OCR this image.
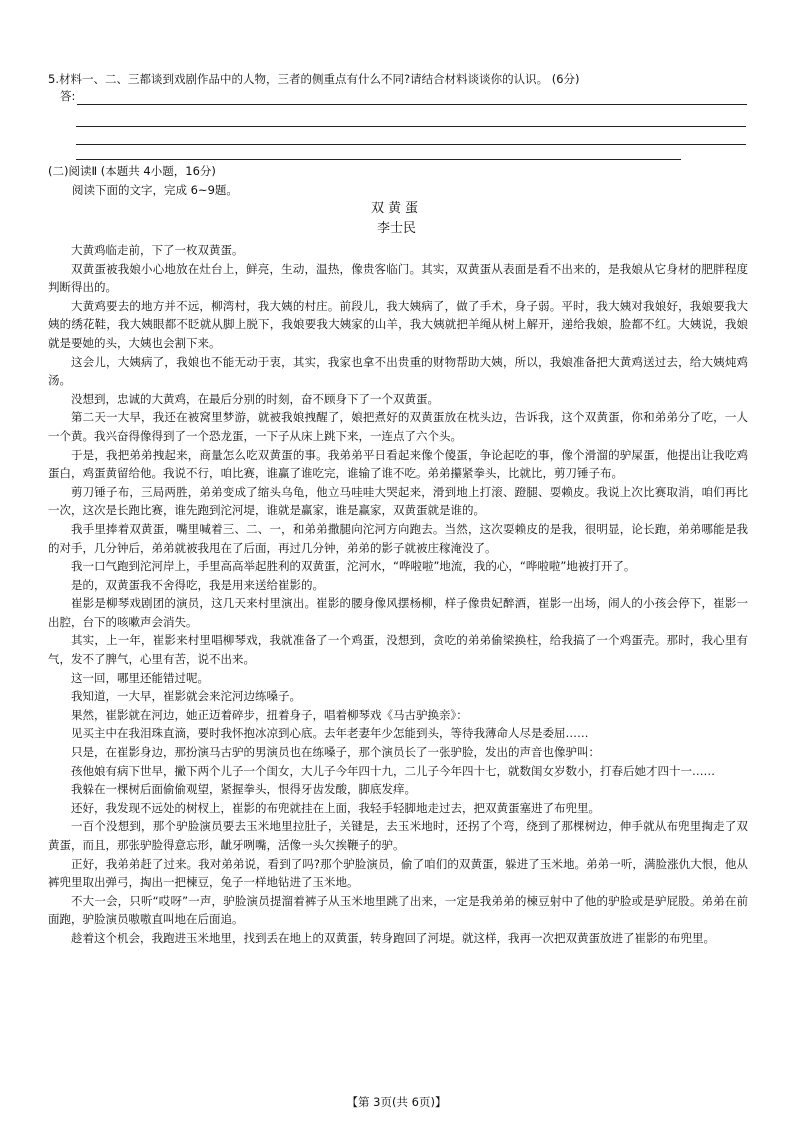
5.材料一、二、三都谈到戏剧作品中的人物，三者的侧重点有什么不同?请结合材料谈谈你的认识。 (6分)
答:
(二)阅读Ⅱ (本题共 4小题，16分)
阅读下面的文字，完成 6~9题。
双黄蛋
李士民

大黄鸡临走前，下了一枚双黄蛋。

双黄蛋被我娘小心地放在灶台上，鲜亮，生动，温热，像贵客临门。其实，双黄蛋从表面是看不出来的，是我娘从它身材的肥胖程度判断得出的。

大黄鸡要去的地方并不远，柳湾村，我大姨的村庄。前段儿，我大姨病了，做了手术，身子弱。平时，我大姨对我娘好，我娘要我大姨的绣花鞋，我大姨眼都不眨就从脚上脱下，我娘要我大姨家的山羊，我大姨就把羊绳从树上解开，递给我娘，脸都不红。大姨说，我娘就是要她的头，大姨也会割下来。

这会儿，大姨病了，我娘也不能无动于衷，其实，我家也拿不出贵重的财物帮助大姨，所以，我娘准备把大黄鸡送过去，给大姨炖鸡汤。

没想到，忠诚的大黄鸡，在最后分别的时刻，奋不顾身下了一个双黄蛋。

第二天一大早，我还在被窝里梦游，就被我娘拽醒了，娘把煮好的双黄蛋放在枕头边，告诉我，这个双黄蛋，你和弟弟分了吃，一人一个黄。我兴奋得像得到了一个恐龙蛋，一下子从床上跳下来，一连点了六个头。

于是，我把弟弟拽起来，商量怎么吃双黄蛋的事。我弟弟平日看起来像个傻蛋，争论起吃的事，像个滑溜的驴屎蛋，他提出让我吃鸡蛋白，鸡蛋黄留给他。我说不行，咱比赛，谁赢了谁吃完，谁输了谁不吃。弟弟攥紧拳头，比就比，剪刀锤子布。

剪刀锤子布，三局两胜，弟弟变成了缩头乌龟，他立马哇哇大哭起来，滑到地上打滚、蹬腿、耍赖皮。我说上次比赛取消，咱们再比一次，这次是长跑比赛，谁先跑到沱河堤，谁就是赢家，谁是赢家，双黄蛋就是谁的。

我手里捧着双黄蛋，嘴里喊着三、二、一，和弟弟撒腿向沱河方向跑去。当然，这次耍赖皮的是我，很明显，论长跑，弟弟哪能是我的对手，几分钟后，弟弟就被我甩在了后面，再过几分钟，弟弟的影子就被庄稼淹没了。

我一口气跑到沱河岸上，手里高高举起胜利的双黄蛋，沱河水，“哗啦啦”地流，我的心，“哗啦啦”地被打开了。

是的，双黄蛋我不舍得吃，我是用来送给崔影的。

崔影是柳琴戏剧团的演员，这几天来村里演出。崔影的腰身像风摆杨柳，样子像贵妃醉酒，崔影一出场，闹人的小孩会停下，崔影一出腔，台下的咳嗽声会消失。

其实，上一年，崔影来村里唱柳琴戏，我就准备了一个鸡蛋，没想到，贪吃的弟弟偷梁换柱，给我搞了一个鸡蛋壳。那时，我心里有气，发不了脾气，心里有苦，说不出来。

这一回，哪里还能错过呢。

我知道，一大早，崔影就会来沱河边练嗓子。

果然，崔影就在河边，她正迈着碎步，扭着身子，唱着柳琴戏《马古驴换亲》：

见买主中在我泪珠直滴，要时我怀抱冰凉到心底。去年老妻年少怎能到头，等待我薄命人尽是委屈……

只是，在崔影身边，那扮演马古驴的男演员也在练嗓子，那个演员长了一张驴脸，发出的声音也像驴叫：

孩他娘有病下世早，撇下两个儿子一个闺女，大儿子今年四十九，二儿子今年四十七，就数闺女岁数小，打春后她才四十一……

我躲在一棵树后面偷偷观望，紧握拳头，恨得牙齿发酸，脚底发痒。

还好，我发现不远处的树杈上，崔影的布兜就挂在上面，我轻手轻脚地走过去，把双黄蛋塞进了布兜里。

一百个没想到，那个驴脸演员要去玉米地里拉肚子，关键是，去玉米地时，还拐了个弯，绕到了那棵树边，伸手就从布兜里掏走了双黄蛋，而且，那张驴脸得意忘形，龇牙咧嘴，活像一头欠挨鞭子的驴。

正好，我弟弟赶了过来。我对弟弟说，看到了吗?那个驴脸演员，偷了咱们的双黄蛋，躲进了玉米地。弟弟一听，满脸涨仇大恨，他从裤兜里取出弹弓，掏出一把楝豆，兔子一样地钻进了玉米地。

不大一会，只听“哎呀”一声，驴脸演员提溜着裤子从玉米地里跳了出来，一定是我弟弟的楝豆射中了他的驴脸或是驴屁股。弟弟在前面跑，驴脸演员嗷嗷直叫地在后面追。

趁着这个机会，我跑进玉米地里，找到丢在地上的双黄蛋，转身跑回了河堤。就这样，我再一次把双黄蛋放进了崔影的布兜里。

【第 3页(共 6页)】
